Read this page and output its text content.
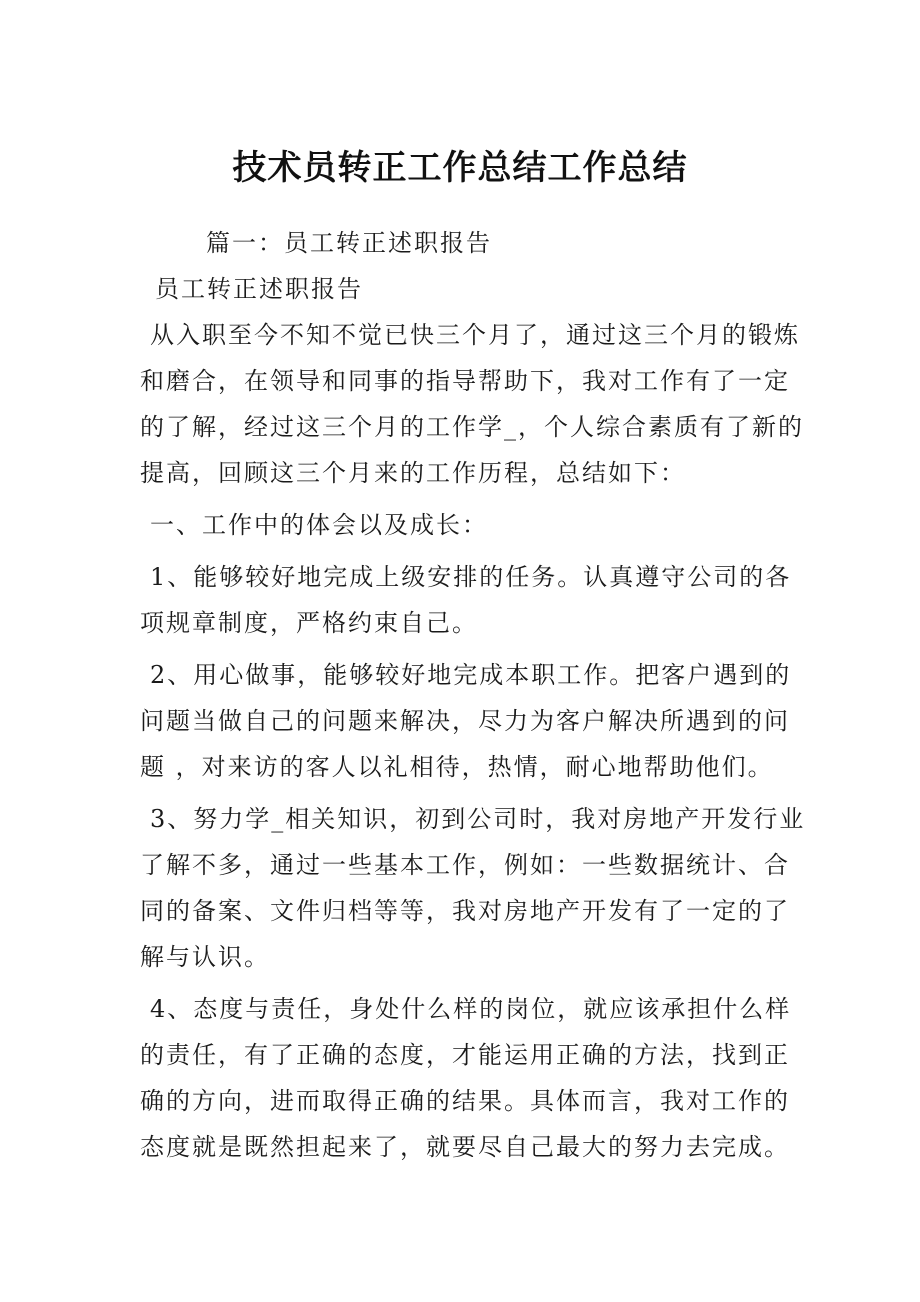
技术员转正工作总结工作总结
篇一：员工转正述职报告
员工转正述职报告
从入职至今不知不觉已快三个月了，通过这三个月的锻炼
和磨合，在领导和同事的指导帮助下，我对工作有了一定
的了解，经过这三个月的工作学_，个人综合素质有了新的
提高，回顾这三个月来的工作历程，总结如下：
一、工作中的体会以及成长：
1、能够较好地完成上级安排的任务。认真遵守公司的各
项规章制度，严格约束自己。
2、用心做事，能够较好地完成本职工作。把客户遇到的
问题当做自己的问题来解决，尽力为客户解决所遇到的问
题 ，对来访的客人以礼相待，热情，耐心地帮助他们。
3、努力学_相关知识，初到公司时，我对房地产开发行业
了解不多，通过一些基本工作，例如：一些数据统计、合
同的备案、文件归档等等，我对房地产开发有了一定的了
解与认识。
4、态度与责任，身处什么样的岗位，就应该承担什么样
的责任，有了正确的态度，才能运用正确的方法，找到正
确的方向，进而取得正确的结果。具体而言，我对工作的
态度就是既然担起来了，就要尽自己最大的努力去完成。
